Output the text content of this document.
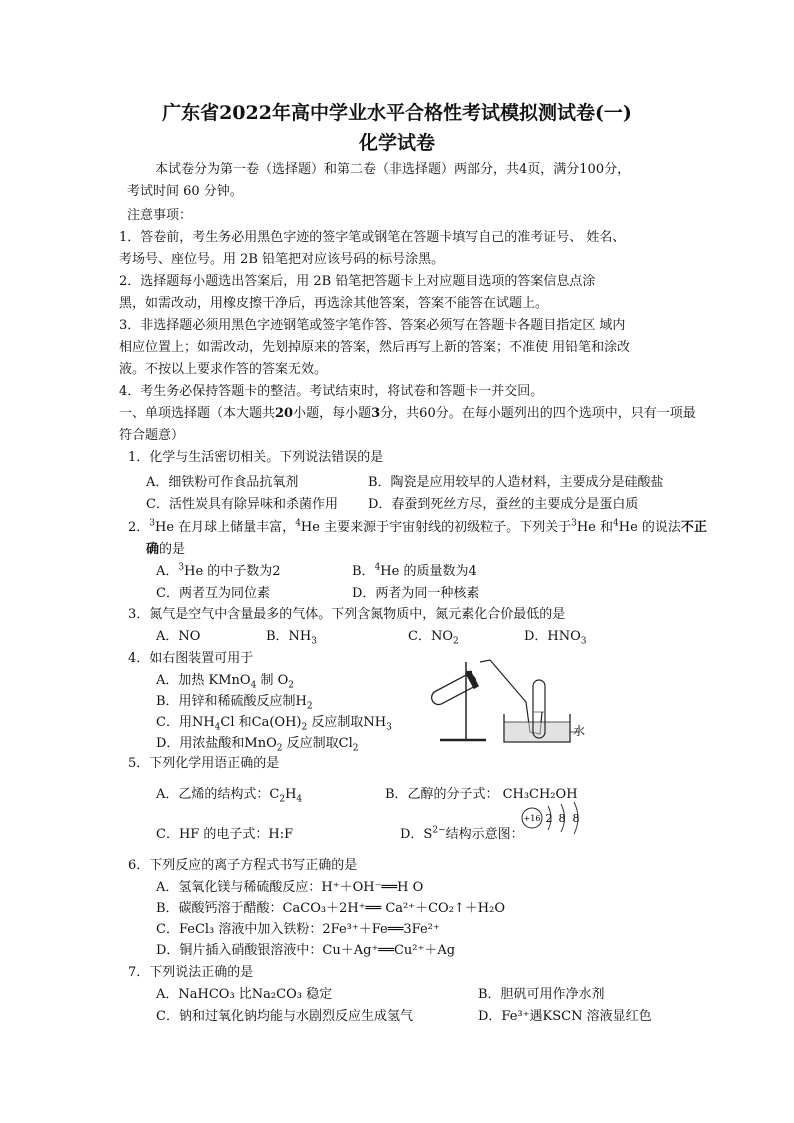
广东省2022年高中学业水平合格性考试模拟测试卷(一)
化学试卷
本试卷分为第一卷（选择题）和第二卷（非选择题）两部分，共4页，满分100分，
考试时间 60 分钟。
注意事项：
1．答卷前，考生务必用黑色字迹的签字笔或钢笔在答题卡填写自己的准考证号、 姓名、
考场号、座位号。用 2B 铅笔把对应该号码的标号涂黑。
2．选择题每小题选出答案后，用 2B 铅笔把答题卡上对应题目选项的答案信息点涂
黑，如需改动，用橡皮擦干净后，再选涂其他答案，答案不能答在试题上。
3．非选择题必须用黑色字迹钢笔或签字笔作答、答案必须写在答题卡各题目指定区 域内
相应位置上；如需改动，先划掉原来的答案，然后再写上新的答案；不准使 用铅笔和涂改
液。不按以上要求作答的答案无效。
4．考生务必保持答题卡的整洁。考试结束时，将试卷和答题卡一并交回。
一、单项选择题（本大题共20小题，每小题3分，共60分。在每小题列出的四个选项中，只有一项最
符合题意）
1．化学与生活密切相关。下列说法错误的是
A．细铁粉可作食品抗氧剂	B．陶瓷是应用较早的人造材料，主要成分是硅酸盐
C．活性炭具有除异味和杀菌作用 D．春蚕到死丝方尽，蚕丝的主要成分是蛋白质
2．$^3$He 在月球上储量丰富，$^4$He 主要来源于宇宙射线的初级粒子。下列关于$^3$He 和$^4$He 的说法不正
确的是
A．$^3$He 的中子数为2	B．$^4$He 的质量数为4
C．两者互为同位素	D．两者为同一种核素
3．氮气是空气中含量最多的气体。下列含氮物质中，氮元素化合价最低的是
A．NO	B．$NH_3$	C．$NO_2$	D．$HNO_3$
4．如右图装置可用于
A．加热 KMnO$_4$ 制 $O_2$
B．用锌和稀硫酸反应制$H_2$
C．用$NH_4Cl$ 和$Ca(OH)_2$ 反应制取$NH_3$
D．用浓盐酸和MnO$_2$ 反应制取$Cl_2$
水
5．下列化学用语正确的是
A．乙烯的结构式：$C_2H_4$	B．乙醇的分子式： CH₃CH₂OH
C．HF 的电子式：H:F	D．$S^{2-}$结构示意图：
+16 2 8 8
6．下列反应的离子方程式书写正确的是
A．氢氧化镁与稀硫酸反应：H⁺＋OH⁻══H O
B．碳酸钙溶于醋酸：CaCO₃＋2H⁺══ Ca²⁺＋CO₂↑＋H₂O
C．FeCl₃ 溶液中加入铁粉：2Fe³⁺＋Fe══3Fe²⁺
D．铜片插入硝酸银溶液中：Cu＋Ag⁺══Cu²⁺＋Ag
7．下列说法正确的是
A．NaHCO₃ 比Na₂CO₃ 稳定	B．胆矾可用作净水剂
C．钠和过氧化钠均能与水剧烈反应生成氢气	D．Fe³⁺遇KSCN 溶液显红色
